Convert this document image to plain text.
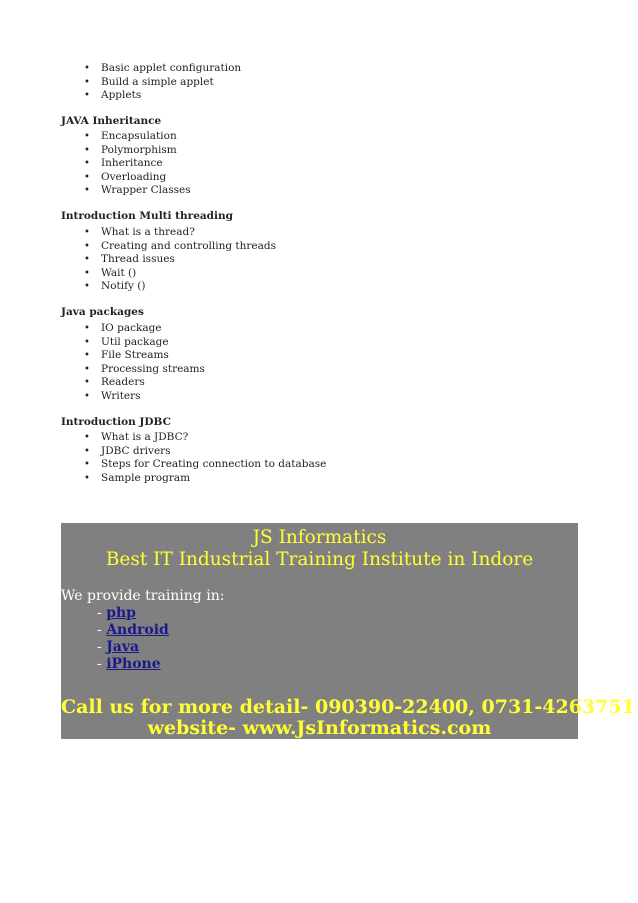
• Basic applet configuration
• Build a simple applet
• Applets
JAVA Inheritance
• Encapsulation
• Polymorphism
• Inheritance
• Overloading
• Wrapper Classes
Introduction Multi threading
• What is a thread?
• Creating and controlling threads
• Thread issues
• Wait ()
• Notify ()
Java packages
• IO package
• Util package
• File Streams
• Processing streams
• Readers
• Writers
Introduction JDBC
• What is a JDBC?
• JDBC drivers
• Steps for Creating connection to database
• Sample program
JS Informatics
Best IT Industrial Training Institute in Indore
We provide training in:
- php
- Android
- Java
- iPhone
Call us for more detail- 090390-22400, 0731-4263751
website- www.JsInformatics.com
